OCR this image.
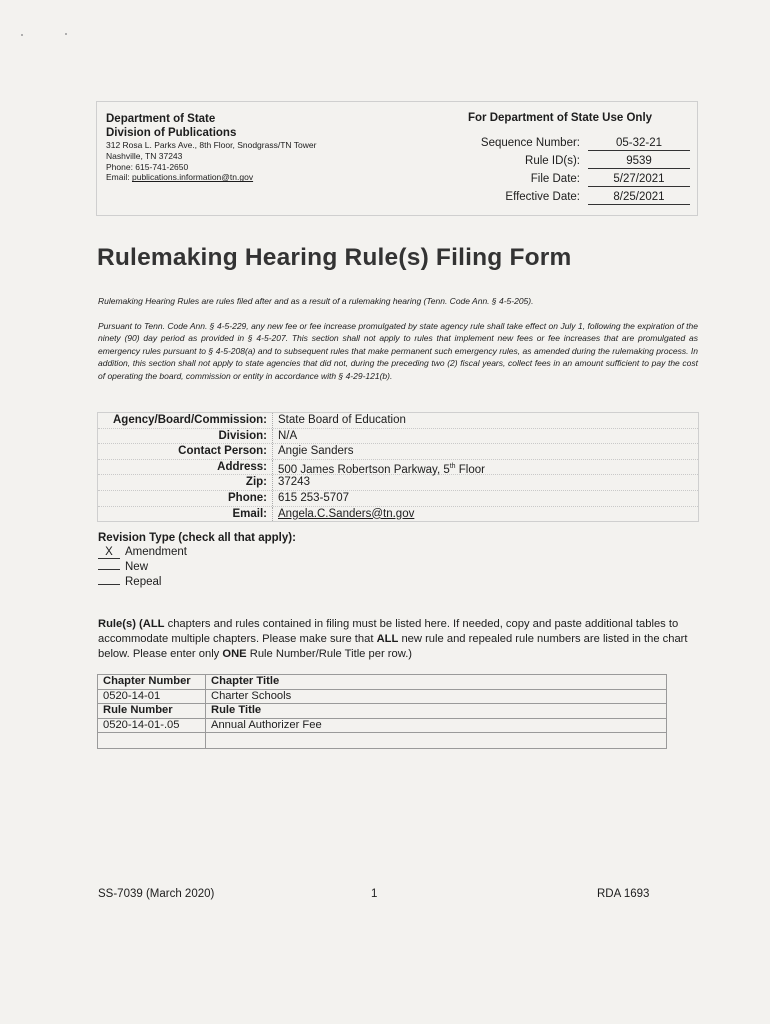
Department of State
Division of Publications
312 Rosa L. Parks Ave., 8th Floor, Snodgrass/TN Tower
Nashville, TN 37243
Phone: 615-741-2650
Email: publications.information@tn.gov
For Department of State Use Only
Sequence Number:	05-32-21
Rule ID(s):	9539
File Date:	5/27/2021
Effective Date:	8/25/2021
Rulemaking Hearing Rule(s) Filing Form
Rulemaking Hearing Rules are rules filed after and as a result of a rulemaking hearing (Tenn. Code Ann. § 4-5-205).
Pursuant to Tenn. Code Ann. § 4-5-229, any new fee or fee increase promulgated by state agency rule shall take effect on July 1, following the expiration of the ninety (90) day period as provided in § 4-5-207. This section shall not apply to rules that implement new fees or fee increases that are promulgated as emergency rules pursuant to § 4-5-208(a) and to subsequent rules that make permanent such emergency rules, as amended during the rulemaking process. In addition, this section shall not apply to state agencies that did not, during the preceding two (2) fiscal years, collect fees in an amount sufficient to pay the cost of operating the board, commission or entity in accordance with § 4-29-121(b).
Agency/Board/Commission: State Board of Education
Division: N/A
Contact Person: Angie Sanders
Address: 500 James Robertson Parkway, 5th Floor
Zip: 37243
Phone: 615 253-5707
Email: Angela.C.Sanders@tn.gov
Revision Type (check all that apply):
X Amendment
New
Repeal
Rule(s) (ALL chapters and rules contained in filing must be listed here. If needed, copy and paste additional tables to accommodate multiple chapters. Please make sure that ALL new rule and repealed rule numbers are listed in the chart below. Please enter only ONE Rule Number/Rule Title per row.)
Chapter Number	Chapter Title
0520-14-01	Charter Schools
Rule Number	Rule Title
0520-14-01-.05	Annual Authorizer Fee

SS-7039 (March 2020)	1	RDA 1693
